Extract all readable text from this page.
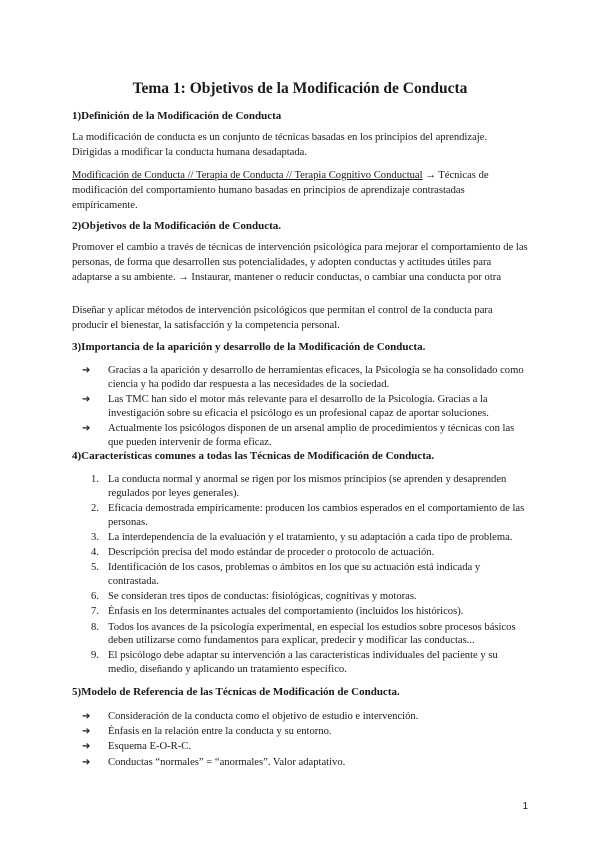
Tema 1: Objetivos de la Modificación de Conducta
1)Definición de la Modificación de Conducta

La modificación de conducta es un conjunto de técnicas basadas en los principios del aprendizaje. Dirigidas a modificar la conducta humana desadaptada.

Modificación de Conducta // Terapia de Conducta // Terapia Cognitivo Conductual → Técnicas de modificación del comportamiento humano basadas en principios de aprendizaje contrastadas empíricamente.

2)Objetivos de la Modificación de Conducta.

Promover el cambio a través de técnicas de intervención psicológica para mejorar el comportamiento de las personas, de forma que desarrollen sus potencialidades, y adopten conductas y actitudes útiles para adaptarse a su ambiente. → Instaurar, mantener o reducir conductas, o cambiar una conducta por otra

Diseñar y aplicar métodos de intervención psicológicos que permitan el control de la conducta para producir el bienestar, la satisfacción y la competencia personal.

3)Importancia de la aparición y desarrollo de la Modificación de Conducta.
➔ Gracias a la aparición y desarrollo de herramientas eficaces, la Psicología se ha consolidado como ciencia y ha podido dar respuesta a las necesidades de la sociedad.
➔ Las TMC han sido el motor más relevante para el desarrollo de la Psicología. Gracias a la investigación sobre su eficacia el psicólogo es un profesional capaz de aportar soluciones.
➔ Actualmente los psicólogos disponen de un arsenal amplio de procedimientos y técnicas con las que pueden intervenir de forma eficaz.
4)Características comunes a todas las Técnicas de Modificación de Conducta.
1. La conducta normal y anormal se rigen por los mismos principios (se aprenden y desaprenden regulados por leyes generales).
2. Eficacia demostrada empíricamente: producen los cambios esperados en el comportamiento de las personas.
3. La interdependencia de la evaluación y el tratamiento, y su adaptación a cada tipo de problema.
4. Descripción precisa del modo estándar de proceder o protocolo de actuación.
5. Identificación de los casos, problemas o ámbitos en los que su actuación está indicada y contrastada.
6. Se consideran tres tipos de conductas: fisiológicas, cognitivas y motoras.
7. Énfasis en los determinantes actuales del comportamiento (incluidos los históricos).
8. Todos los avances de la psicología experimental, en especial los estudios sobre procesos básicos deben utilizarse como fundamentos para explicar, predecir y modificar las conductas...
9. El psicólogo debe adaptar su intervención a las características individuales del paciente y su medio, diseñando y aplicando un tratamiento específico.
5)Modelo de Referencia de las Técnicas de Modificación de Conducta.
➔ Consideración de la conducta como el objetivo de estudio e intervención.
➔ Énfasis en la relación entre la conducta y su entorno.
➔ Esquema E-O-R-C.
➔ Conductas “normales” = “anormales”. Valor adaptativo.
1
